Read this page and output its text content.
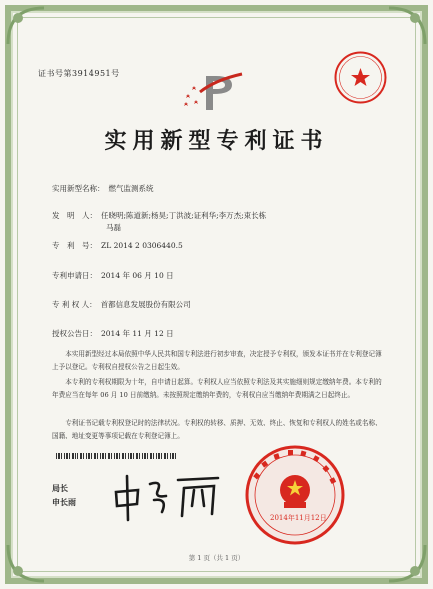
证书号第3914951号
实用新型专利证书
实用新型名称： 燃气监测系统
发　明　人： 任晓明;陈道新;杨昊;丁洪波;证利华;李万杰;束长栋
马磊
专　利　号： ZL 2014 2 0306440.5
专利申请日： 2014 年 06 月 10 日
专 利 权 人： 首都信息发展股份有限公司
授权公告日： 2014 年 11 月 12 日
本实用新型经过本局依照中华人民共和国专利法进行初步审查，决定授予专利权，颁发本证书并在专利登记簿上予以登记。专利权自授权公告之日起生效。
本专利的专利权期限为十年，自申请日起算。专利权人应当依照专利法及其实施细则规定缴纳年费。本专利的年费应当在每年 06 月 10 日前缴纳。未按照规定缴纳年费的，专利权自应当缴纳年费期满之日起终止。
专利证书记载专利权登记时的法律状况。专利权的转移、质押、无效、终止、恢复和专利权人的姓名或名称、国籍、地址变更等事项记载在专利登记簿上。
局长
申长雨
2014年11月12日
第 1 页（共 1 页）
